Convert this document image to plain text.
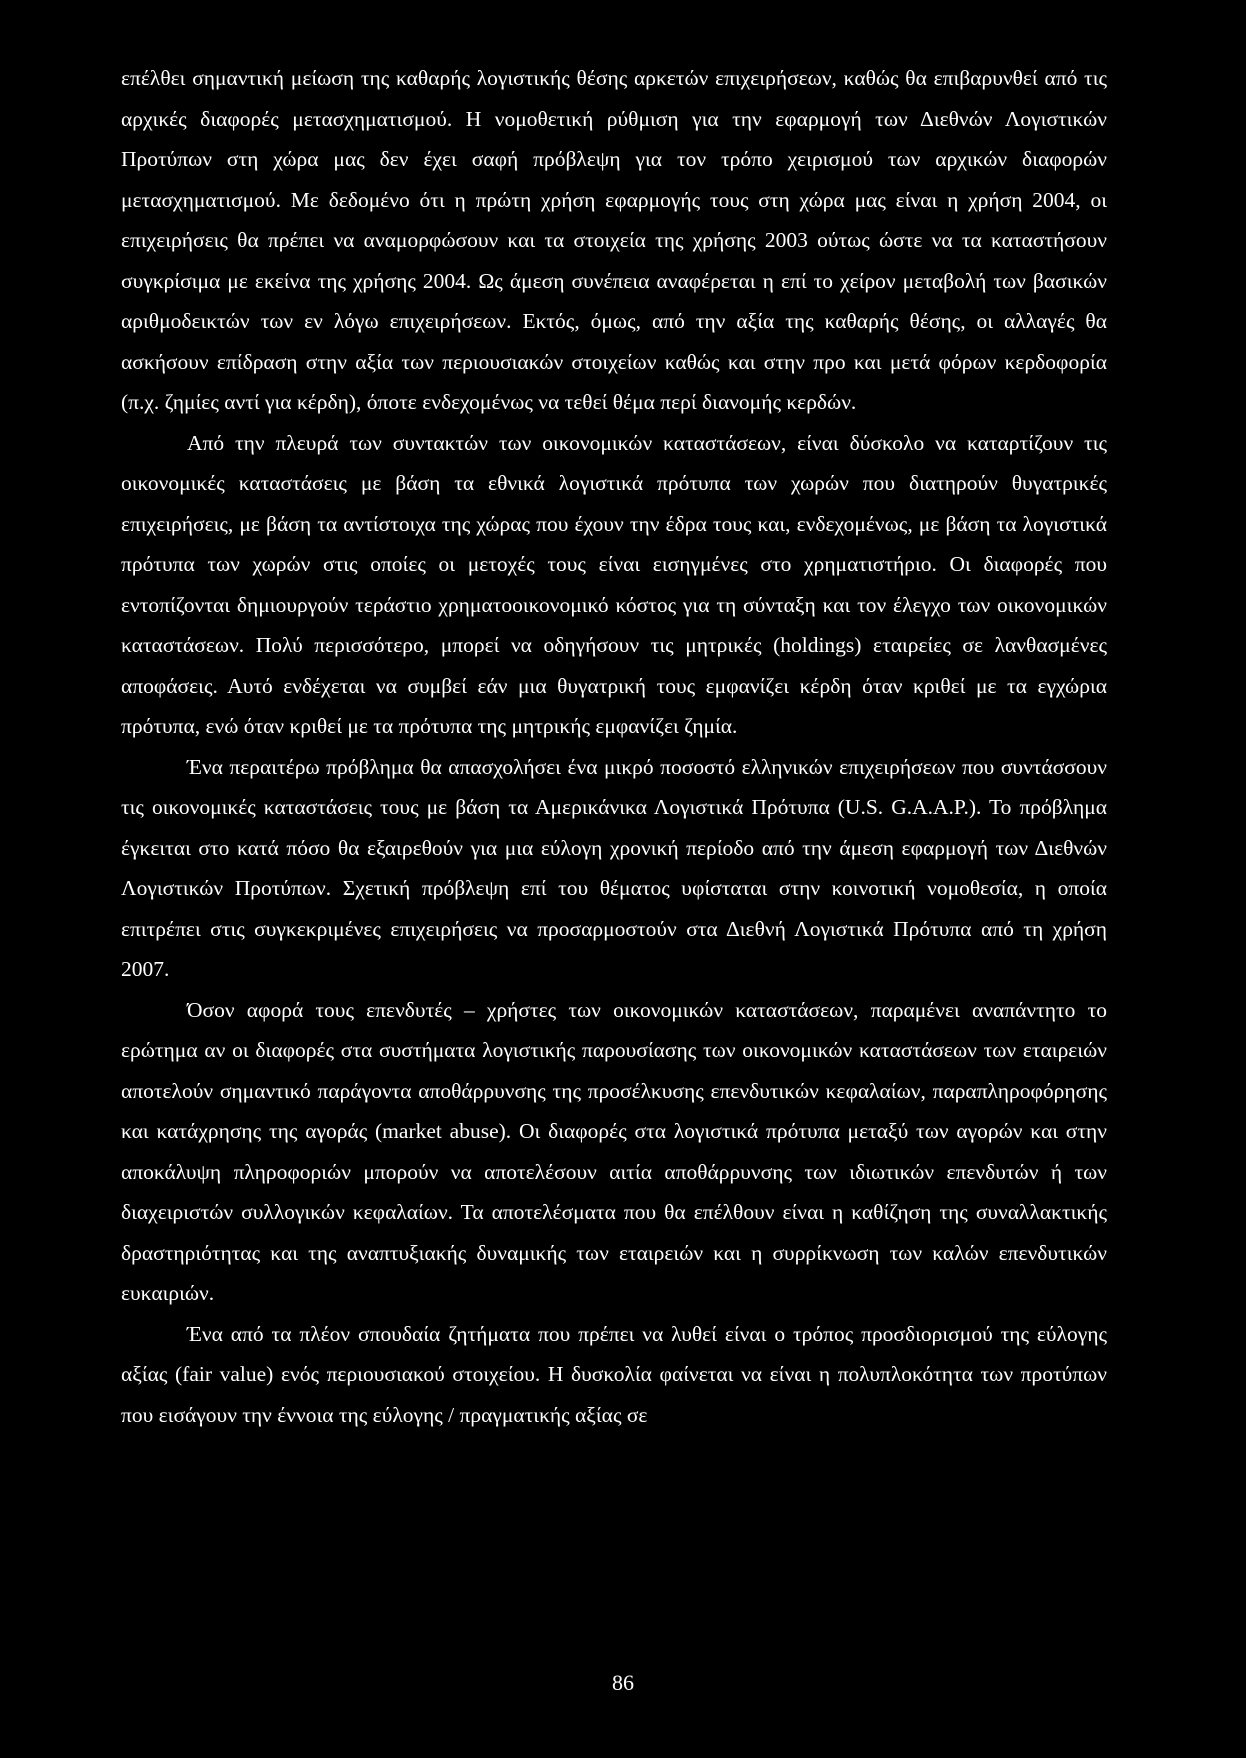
επέλθει σημαντική μείωση της καθαρής λογιστικής θέσης αρκετών επιχειρήσεων, καθώς θα επιβαρυνθεί από τις αρχικές διαφορές μετασχηματισμού. Η νομοθετική ρύθμιση για την εφαρμογή των Διεθνών Λογιστικών Προτύπων στη χώρα μας δεν έχει σαφή πρόβλεψη για τον τρόπο χειρισμού των αρχικών διαφορών μετασχηματισμού. Με δεδομένο ότι η πρώτη χρήση εφαρμογής τους στη χώρα μας είναι η χρήση 2004, οι επιχειρήσεις θα πρέπει να αναμορφώσουν και τα στοιχεία της χρήσης 2003 ούτως ώστε να τα καταστήσουν συγκρίσιμα με εκείνα της χρήσης 2004. Ως άμεση συνέπεια αναφέρεται η επί το χείρον μεταβολή των βασικών αριθμοδεικτών των εν λόγω επιχειρήσεων. Εκτός, όμως, από την αξία της καθαρής θέσης, οι αλλαγές θα ασκήσουν επίδραση στην αξία των περιουσιακών στοιχείων καθώς και στην προ και μετά φόρων κερδοφορία (π.χ. ζημίες αντί για κέρδη), όποτε ενδεχομένως να τεθεί θέμα περί διανομής κερδών.

Από την πλευρά των συντακτών των οικονομικών καταστάσεων, είναι δύσκολο να καταρτίζουν τις οικονομικές καταστάσεις με βάση τα εθνικά λογιστικά πρότυπα των χωρών που διατηρούν θυγατρικές επιχειρήσεις, με βάση τα αντίστοιχα της χώρας που έχουν την έδρα τους και, ενδεχομένως, με βάση τα λογιστικά πρότυπα των χωρών στις οποίες οι μετοχές τους είναι εισηγμένες στο χρηματιστήριο. Οι διαφορές που εντοπίζονται δημιουργούν τεράστιο χρηματοοικονομικό κόστος για τη σύνταξη και τον έλεγχο των οικονομικών καταστάσεων. Πολύ περισσότερο, μπορεί να οδηγήσουν τις μητρικές (holdings) εταιρείες σε λανθασμένες αποφάσεις. Αυτό ενδέχεται να συμβεί εάν μια θυγατρική τους εμφανίζει κέρδη όταν κριθεί με τα εγχώρια πρότυπα, ενώ όταν κριθεί με τα πρότυπα της μητρικής εμφανίζει ζημία.

Ένα περαιτέρω πρόβλημα θα απασχολήσει ένα μικρό ποσοστό ελληνικών επιχειρήσεων που συντάσσουν τις οικονομικές καταστάσεις τους με βάση τα Αμερικάνικα Λογιστικά Πρότυπα (U.S. G.A.A.P.). Το πρόβλημα έγκειται στο κατά πόσο θα εξαιρεθούν για μια εύλογη χρονική περίοδο από την άμεση εφαρμογή των Διεθνών Λογιστικών Προτύπων. Σχετική πρόβλεψη επί του θέματος υφίσταται στην κοινοτική νομοθεσία, η οποία επιτρέπει στις συγκεκριμένες επιχειρήσεις να προσαρμοστούν στα Διεθνή Λογιστικά Πρότυπα από τη χρήση 2007.

Όσον αφορά τους επενδυτές – χρήστες των οικονομικών καταστάσεων, παραμένει αναπάντητο το ερώτημα αν οι διαφορές στα συστήματα λογιστικής παρουσίασης των οικονομικών καταστάσεων των εταιρειών αποτελούν σημαντικό παράγοντα αποθάρρυνσης της προσέλκυσης επενδυτικών κεφαλαίων, παραπληροφόρησης και κατάχρησης της αγοράς (market abuse). Οι διαφορές στα λογιστικά πρότυπα μεταξύ των αγορών και στην αποκάλυψη πληροφοριών μπορούν να αποτελέσουν αιτία αποθάρρυνσης των ιδιωτικών επενδυτών ή των διαχειριστών συλλογικών κεφαλαίων. Τα αποτελέσματα που θα επέλθουν είναι η καθίζηση της συναλλακτικής δραστηριότητας και της αναπτυξιακής δυναμικής των εταιρειών και η συρρίκνωση των καλών επενδυτικών ευκαιριών.

Ένα από τα πλέον σπουδαία ζητήματα που πρέπει να λυθεί είναι ο τρόπος προσδιορισμού της εύλογης αξίας (fair value) ενός περιουσιακού στοιχείου. Η δυσκολία φαίνεται να είναι η πολυπλοκότητα των προτύπων που εισάγουν την έννοια της εύλογης / πραγματικής αξίας σε

86
